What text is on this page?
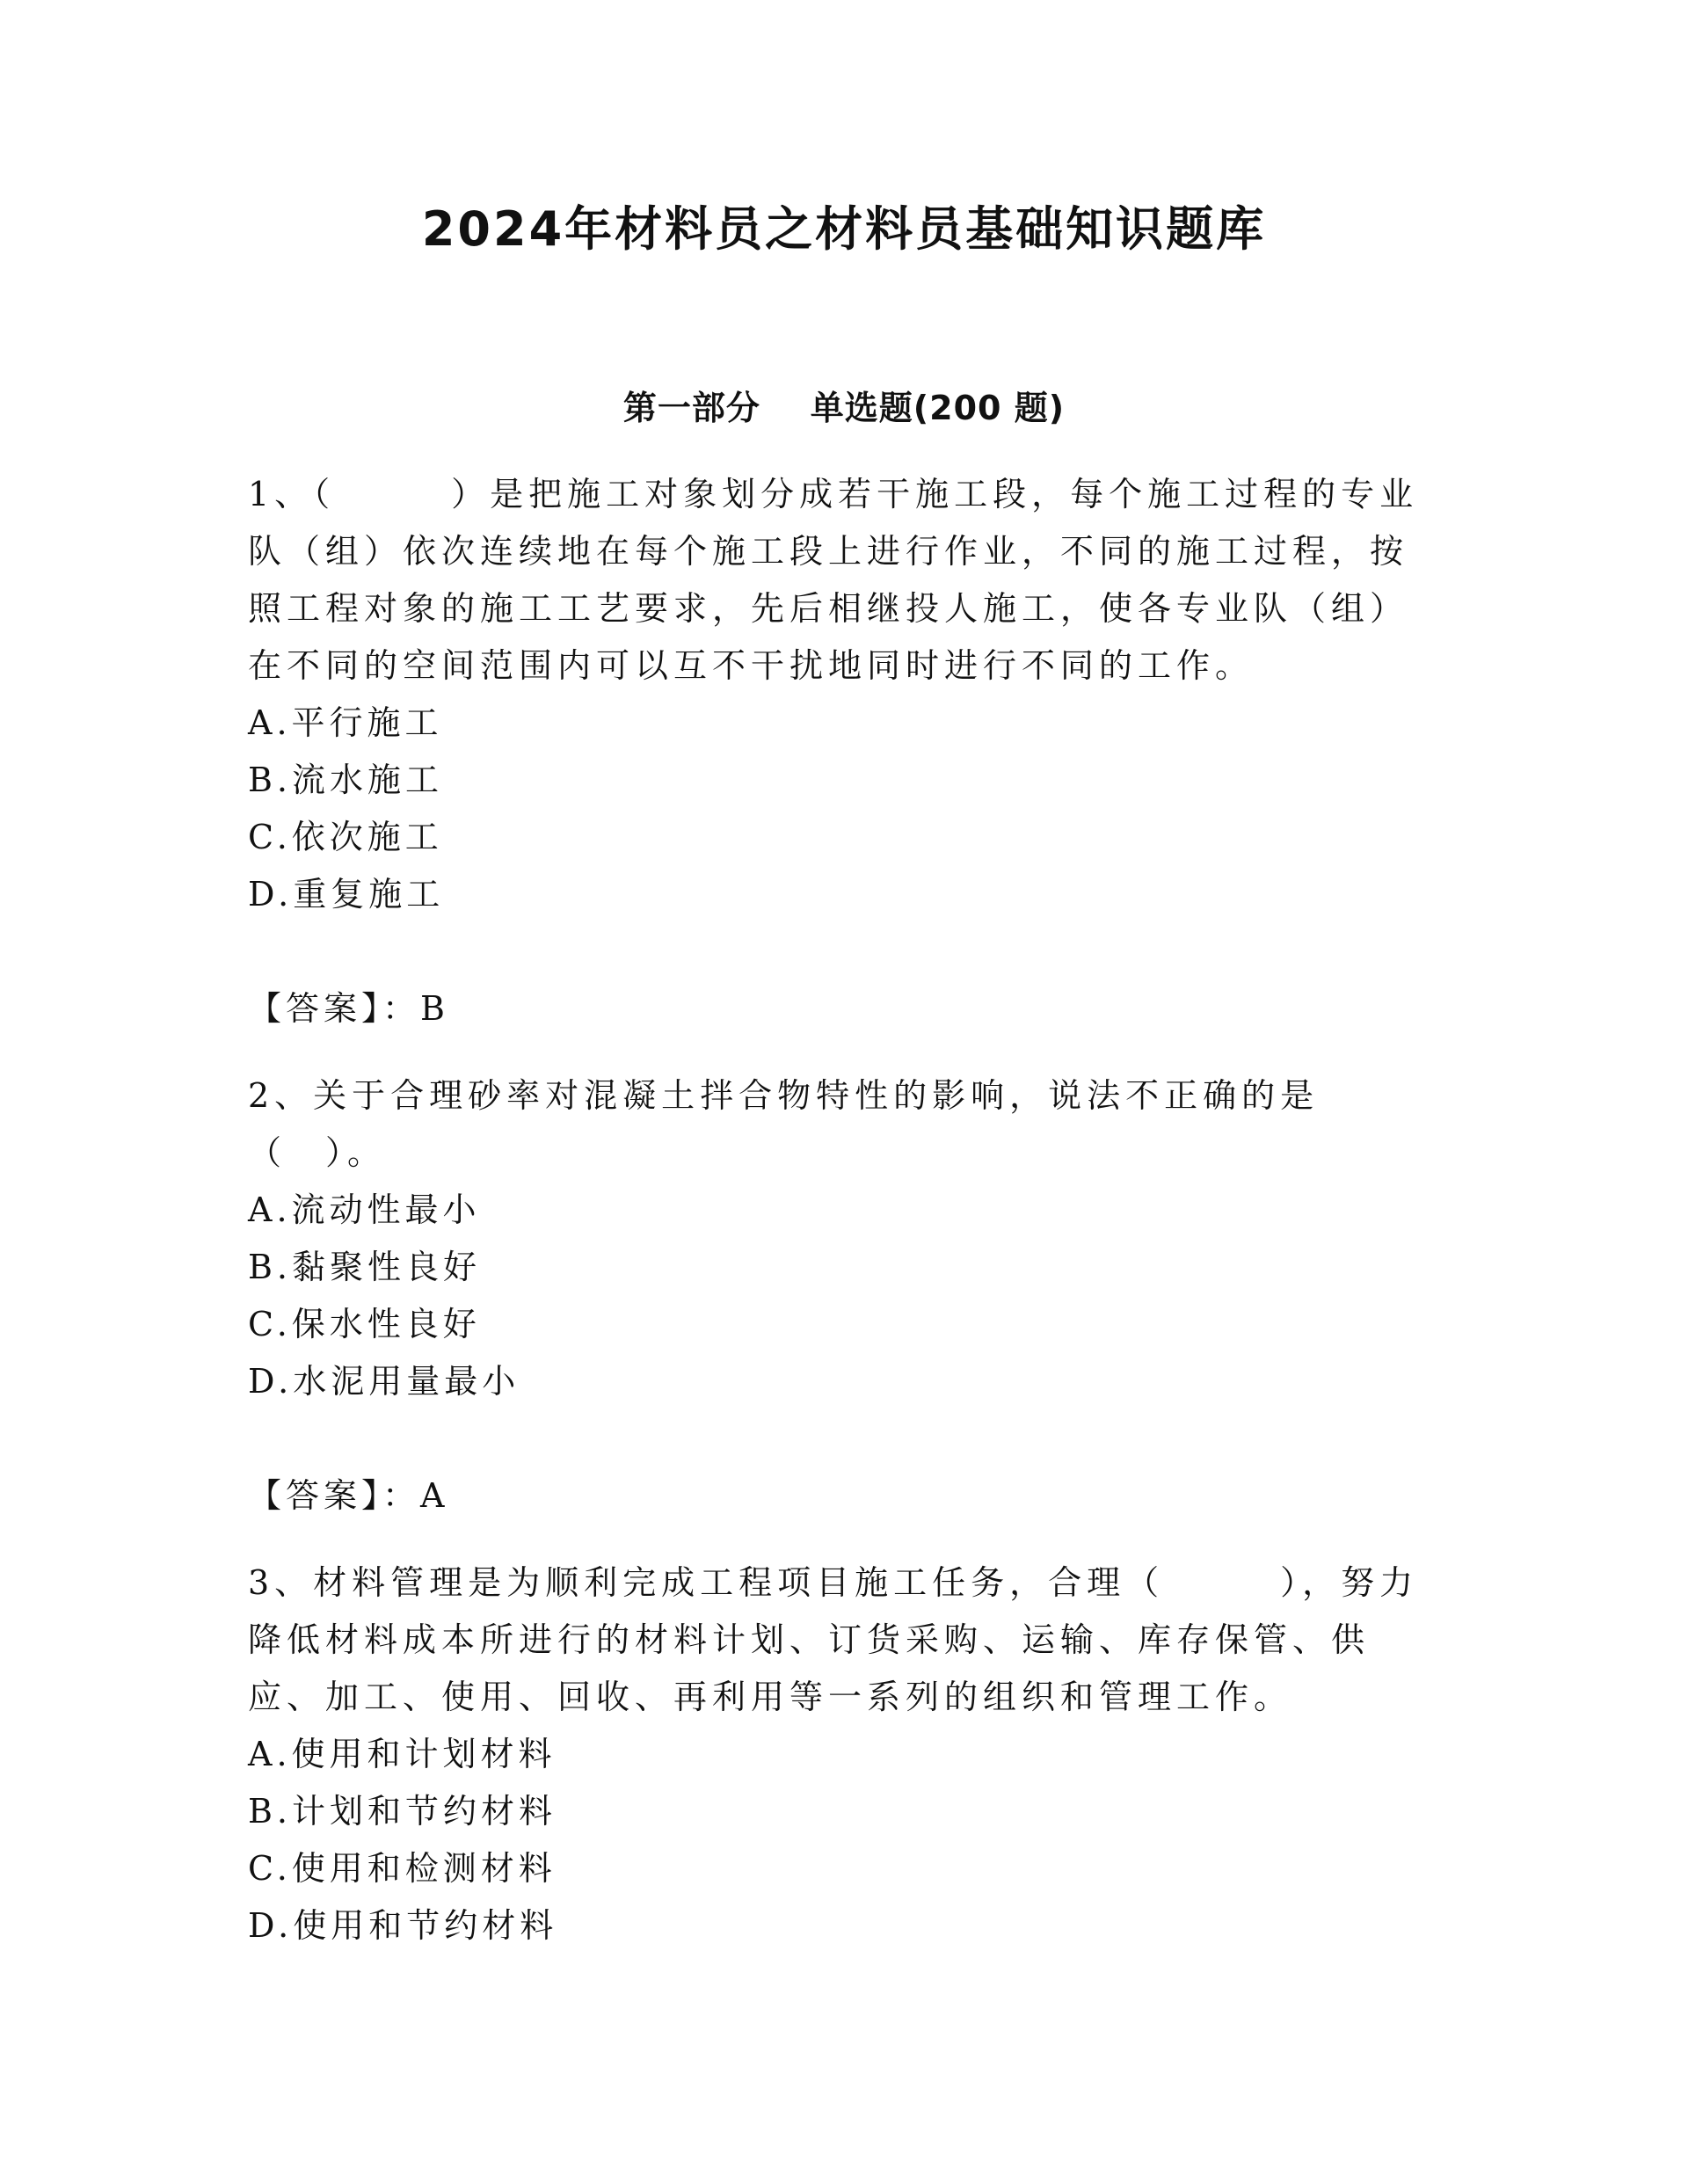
2024年材料员之材料员基础知识题库
第一部分    单选题(200 题)

1、（　　　）是把施工对象划分成若干施工段，每个施工过程的专业队（组）依次连续地在每个施工段上进行作业，不同的施工过程，按照工程对象的施工工艺要求，先后相继投人施工，使各专业队（组）在不同的空间范围内可以互不干扰地同时进行不同的工作。

A.平行施工

B.流水施工

C.依次施工

D.重复施工

【答案】：B

2、关于合理砂率对混凝土拌合物特性的影响，说法不正确的是（　）。

A.流动性最小

B.黏聚性良好

C.保水性良好

D.水泥用量最小

【答案】：A

3、材料管理是为顺利完成工程项目施工任务，合理（　　　），努力降低材料成本所进行的材料计划、订货采购、运输、库存保管、供应、加工、使用、回收、再利用等一系列的组织和管理工作。

A.使用和计划材料

B.计划和节约材料

C.使用和检测材料

D.使用和节约材料
